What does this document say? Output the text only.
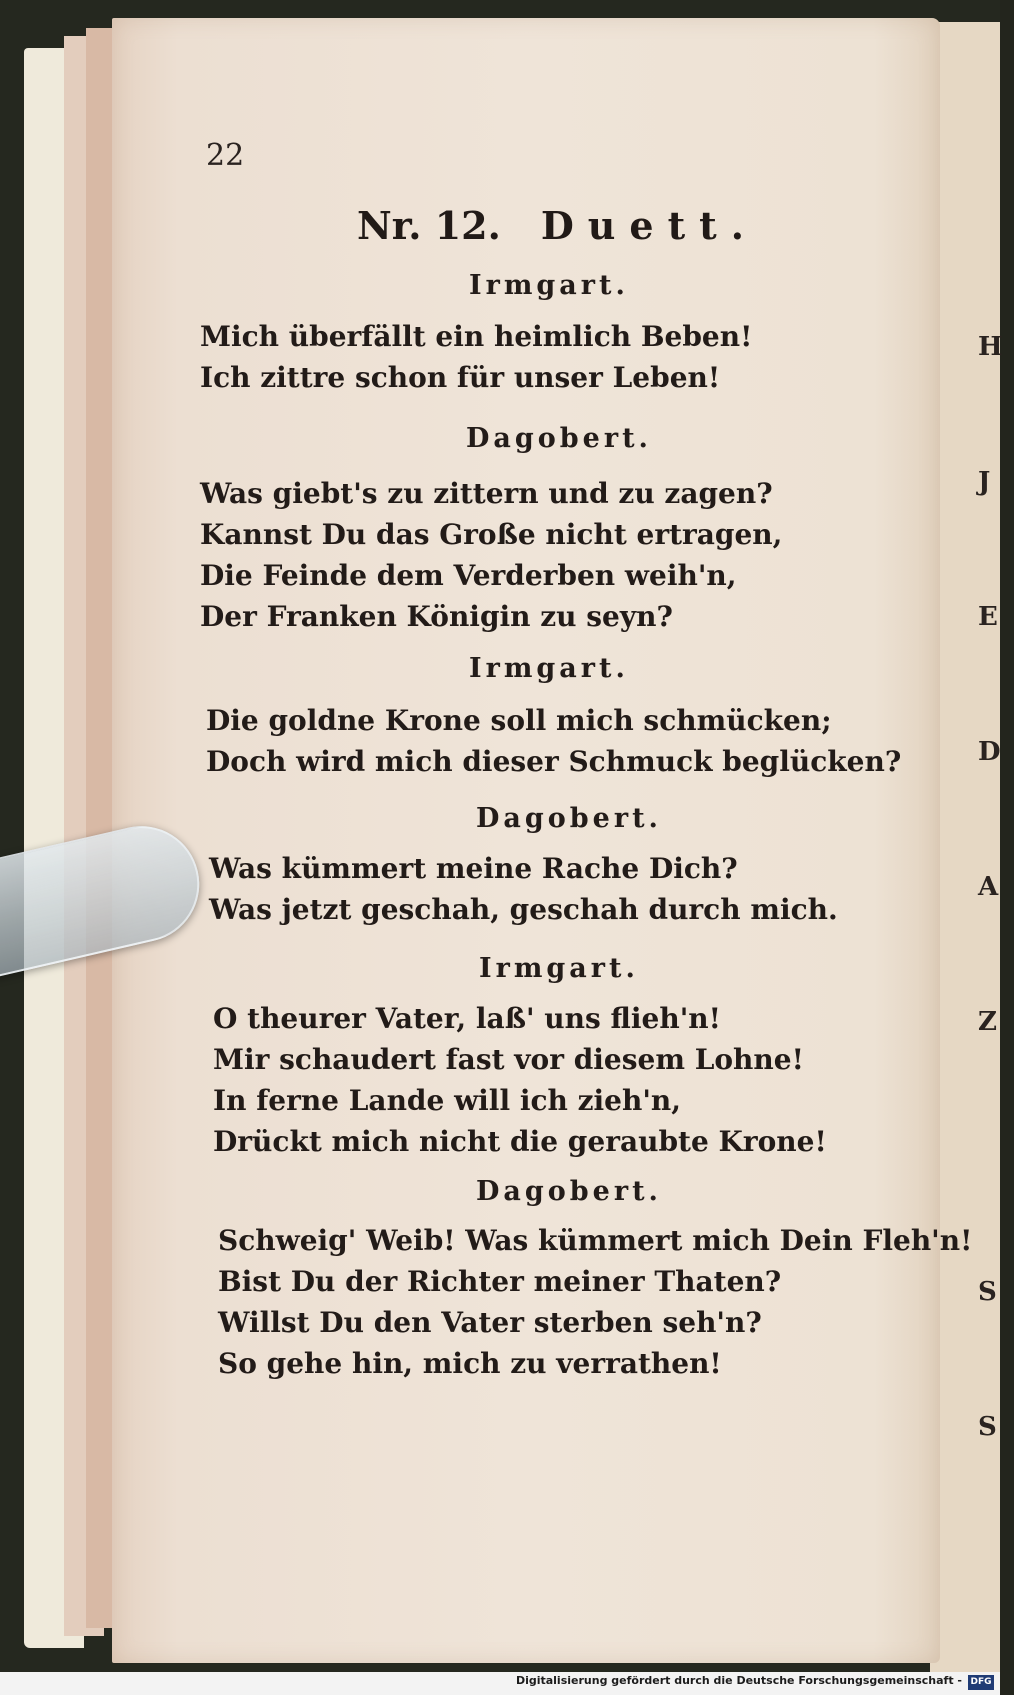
H

J

E

D

A

Z

S

S

22
Nr. 12. Duett.
Irmgart.
Mich überfällt ein heimlich Beben!
Ich zittre schon für unser Leben!
Dagobert.
Was giebt's zu zittern und zu zagen?
Kannst Du das Große nicht ertragen,
Die Feinde dem Verderben weih'n,
Der Franken Königin zu seyn?
Irmgart.
Die goldne Krone soll mich schmücken;
Doch wird mich dieser Schmuck beglücken?
Dagobert.
Was kümmert meine Rache Dich?
Was jetzt geschah, geschah durch mich.
Irmgart.
O theurer Vater, laß' uns flieh'n!
Mir schaudert fast vor diesem Lohne!
In ferne Lande will ich zieh'n,
Drückt mich nicht die geraubte Krone!
Dagobert.
Schweig' Weib! Was kümmert mich Dein Fleh'n!
Bist Du der Richter meiner Thaten?
Willst Du den Vater sterben seh'n?
So gehe hin, mich zu verrathen!
Digitalisierung gefördert durch die Deutsche Forschungsgemeinschaft - DFG
